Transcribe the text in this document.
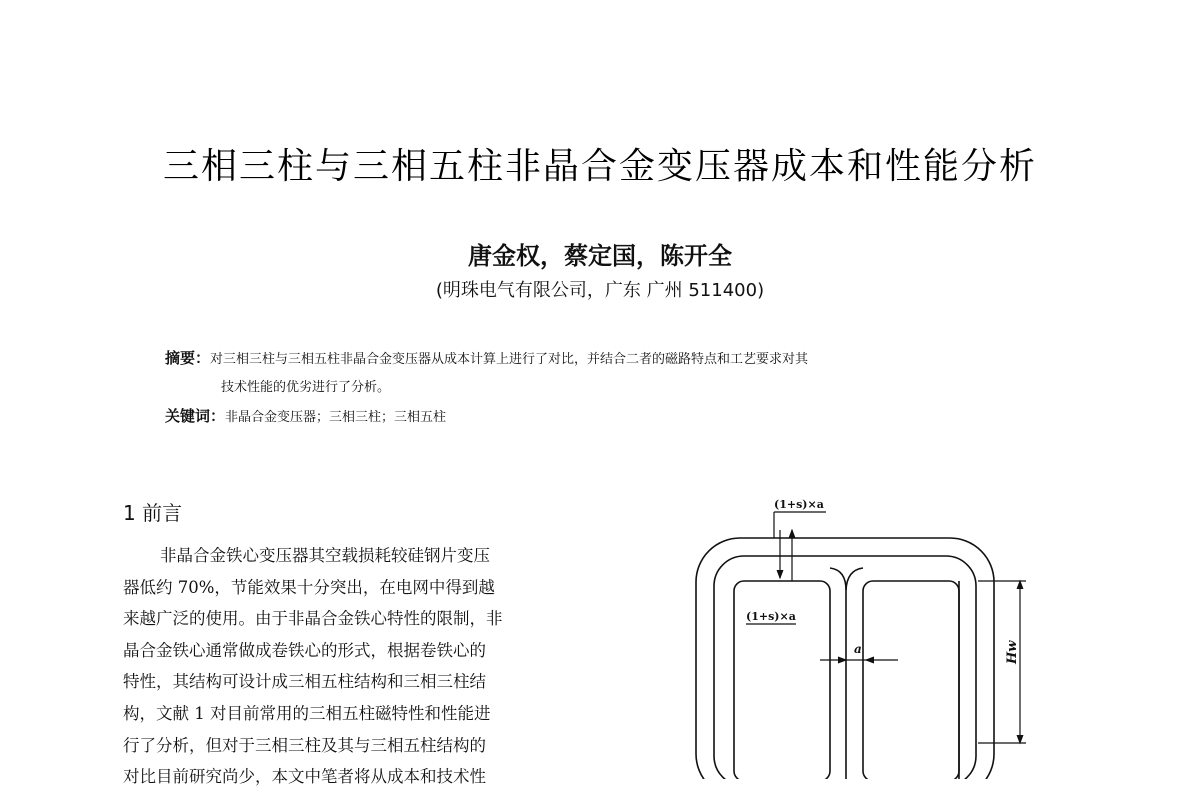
三相三柱与三相五柱非晶合金变压器成本和性能分析
唐金权，蔡定国，陈开全
(明珠电气有限公司，广东 广州 511400)
摘要：对三相三柱与三相五柱非晶合金变压器从成本计算上进行了对比，并结合二者的磁路特点和工艺要求对其
技术性能的优劣进行了分析。
关键词：非晶合金变压器；三相三柱；三相五柱
1 前言
非晶合金铁心变压器其空载损耗较硅钢片变压
器低约 70%，节能效果十分突出，在电网中得到越
来越广泛的使用。由于非晶合金铁心特性的限制，非
晶合金铁心通常做成卷铁心的形式，根据卷铁心的
特性，其结构可设计成三相五柱结构和三相三柱结
构，文献 1 对目前常用的三相五柱磁特性和性能进
行了分析，但对于三相三柱及其与三相五柱结构的
对比目前研究尚少，本文中笔者将从成本和技术性
(1+s)×a
(1+s)×a
a	Hw
